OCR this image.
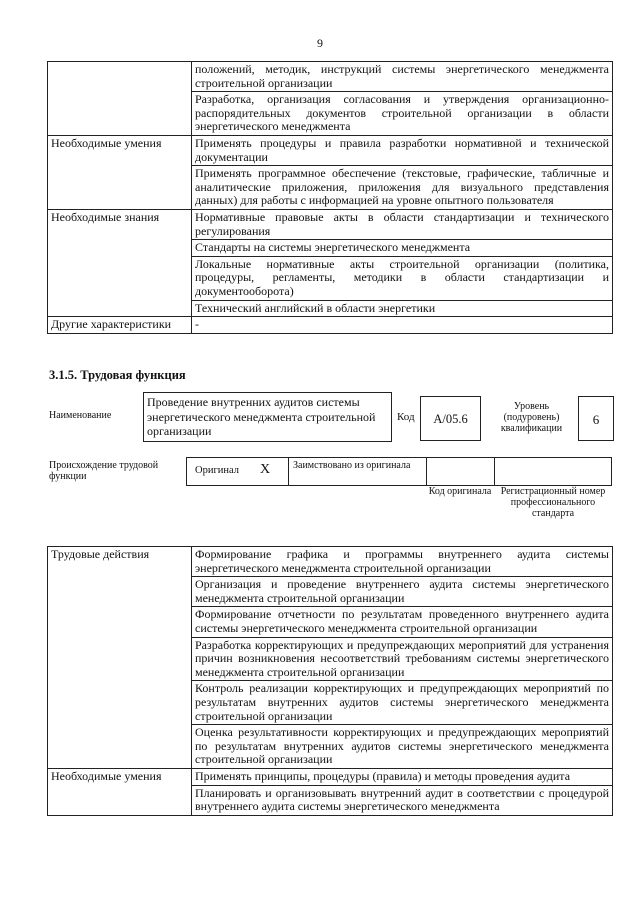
9
	положений, методик, инструкций системы энергетического менеджмента строительной организации
	Разработка, организация согласования и утверждения организационно-распорядительных документов строительной организации в области энергетического менеджмента
Необходимые умения	Применять процедуры и правила разработки нормативной и технической документации
	Применять программное обеспечение (текстовые, графические, табличные и аналитические приложения, приложения для визуального представления данных) для работы с информацией на уровне опытного пользователя
Необходимые знания	Нормативные правовые акты в области стандартизации и технического регулирования
	Стандарты на системы энергетического менеджмента
	Локальные нормативные акты строительной организации (политика, процедуры, регламенты, методики в области стандартизации и документооборота)
	Технический английский в области энергетики
Другие характеристики	-
3.1.5. Трудовая функция
Наименование
Проведение внутренних аудитов системы энергетического менеджмента строительной организации
Код	A/05.6
Уровень (подуровень) квалификации
6
Происхождение трудовой функции
Оригинал X Заимствовано из оригинала
Код оригинала Регистрационный номер профессионального стандарта
Трудовые действия	Формирование графика и программы внутреннего аудита системы энергетического менеджмента строительной организации
	Организация и проведение внутреннего аудита системы энергетического менеджмента строительной организации
	Формирование отчетности по результатам проведенного внутреннего аудита системы энергетического менеджмента строительной организации
	Разработка корректирующих и предупреждающих мероприятий для устранения причин возникновения несоответствий требованиям системы энергетического менеджмента строительной организации
	Контроль реализации корректирующих и предупреждающих мероприятий по результатам внутренних аудитов системы энергетического менеджмента строительной организации
	Оценка результативности корректирующих и предупреждающих мероприятий по результатам внутренних аудитов системы энергетического менеджмента строительной организации
Необходимые умения	Применять принципы, процедуры (правила) и методы проведения аудита
	Планировать и организовывать внутренний аудит в соответствии с процедурой внутреннего аудита системы энергетического менеджмента
